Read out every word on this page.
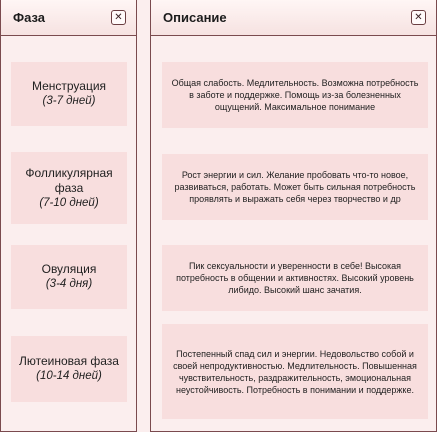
Фаза	✕
Менструация
(3-7 дней)
Фолликулярная фаза
(7-10 дней)
Овуляция
(3-4 дня)
Лютеиновая фаза
(10-14 дней)
Описание	✕
Общая слабость. Медлительность. Возможна потребность в заботе и поддержке. Помощь из-за болезненных ощущений. Максимальное понимание
Рост энергии и сил. Желание пробовать что-то новое, развиваться, работать. Может быть сильная потребность проявлять и выражать себя через творчество и др
Пик сексуальности и уверенности в себе! Высокая потребность в общении и активностях. Высокий уровень либидо. Высокий шанс зачатия.
Постепенный спад сил и энергии. Недовольство собой и своей непродуктивностью. Медлительность. Повышенная чувствительность, раздражительность, эмоциональная неустойчивость. Потребность в понимании и поддержке.
